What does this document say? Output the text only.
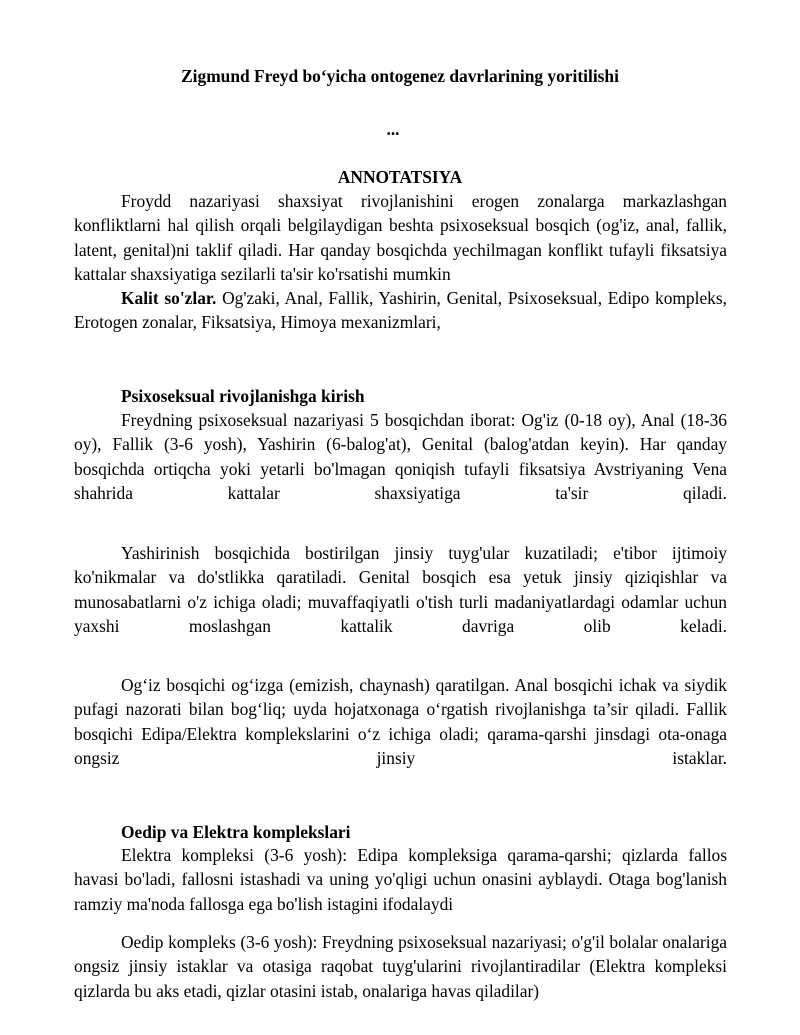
Zigmund Freyd bo‘yicha ontogenez davrlarining yoritilishi
...
ANNOTATSIYA

Froydd nazariyasi shaxsiyat rivojlanishini erogen zonalarga markazlashgan konfliktlarni hal qilish orqali belgilaydigan beshta psixoseksual bosqich (og'iz, anal, fallik, latent, genital)ni taklif qiladi. Har qanday bosqichda yechilmagan konflikt tufayli fiksatsiya kattalar shaxsiyatiga sezilarli ta'sir ko'rsatishi mumkin

Kalit so'zlar. Og'zaki, Anal, Fallik, Yashirin, Genital, Psixoseksual, Edipo kompleks, Erotogen zonalar, Fiksatsiya, Himoya mexanizmlari,

Psixoseksual rivojlanishga kirish

Freydning psixoseksual nazariyasi 5 bosqichdan iborat: Og'iz (0-18 oy), Anal (18-36 oy), Fallik (3-6 yosh), Yashirin (6-balog'at), Genital (balog'atdan keyin). Har qanday bosqichda ortiqcha yoki yetarli bo'lmagan qoniqish tufayli fiksatsiya Avstriyaning Vena shahrida kattalar shaxsiyatiga ta'sir qiladi.

Yashirinish bosqichida bostirilgan jinsiy tuyg'ular kuzatiladi; e'tibor ijtimoiy ko'nikmalar va do'stlikka qaratiladi. Genital bosqich esa yetuk jinsiy qiziqishlar va munosabatlarni o'z ichiga oladi; muvaffaqiyatli o'tish turli madaniyatlardagi odamlar uchun yaxshi moslashgan kattalik davriga olib keladi.

Og‘iz bosqichi og‘izga (emizish, chaynash) qaratilgan. Anal bosqichi ichak va siydik pufagi nazorati bilan bog‘liq; uyda hojatxonaga o‘rgatish rivojlanishga ta’sir qiladi. Fallik bosqichi Edipa/Elektra komplekslarini o‘z ichiga oladi; qarama-qarshi jinsdagi ota-onaga ongsiz jinsiy istaklar.

Oedip va Elektra komplekslari

Elektra kompleksi (3-6 yosh): Edipa kompleksiga qarama-qarshi; qizlarda fallos havasi bo'ladi, fallosni istashadi va uning yo'qligi uchun onasini ayblaydi. Otaga bog'lanish ramziy ma'noda fallosga ega bo'lish istagini ifodalaydi

Oedip kompleks (3-6 yosh): Freydning psixoseksual nazariyasi; o'g'il bolalar onalariga ongsiz jinsiy istaklar va otasiga raqobat tuyg'ularini rivojlantiradilar (Elektra kompleksi qizlarda bu aks etadi, qizlar otasini istab, onalariga havas qiladilar)
